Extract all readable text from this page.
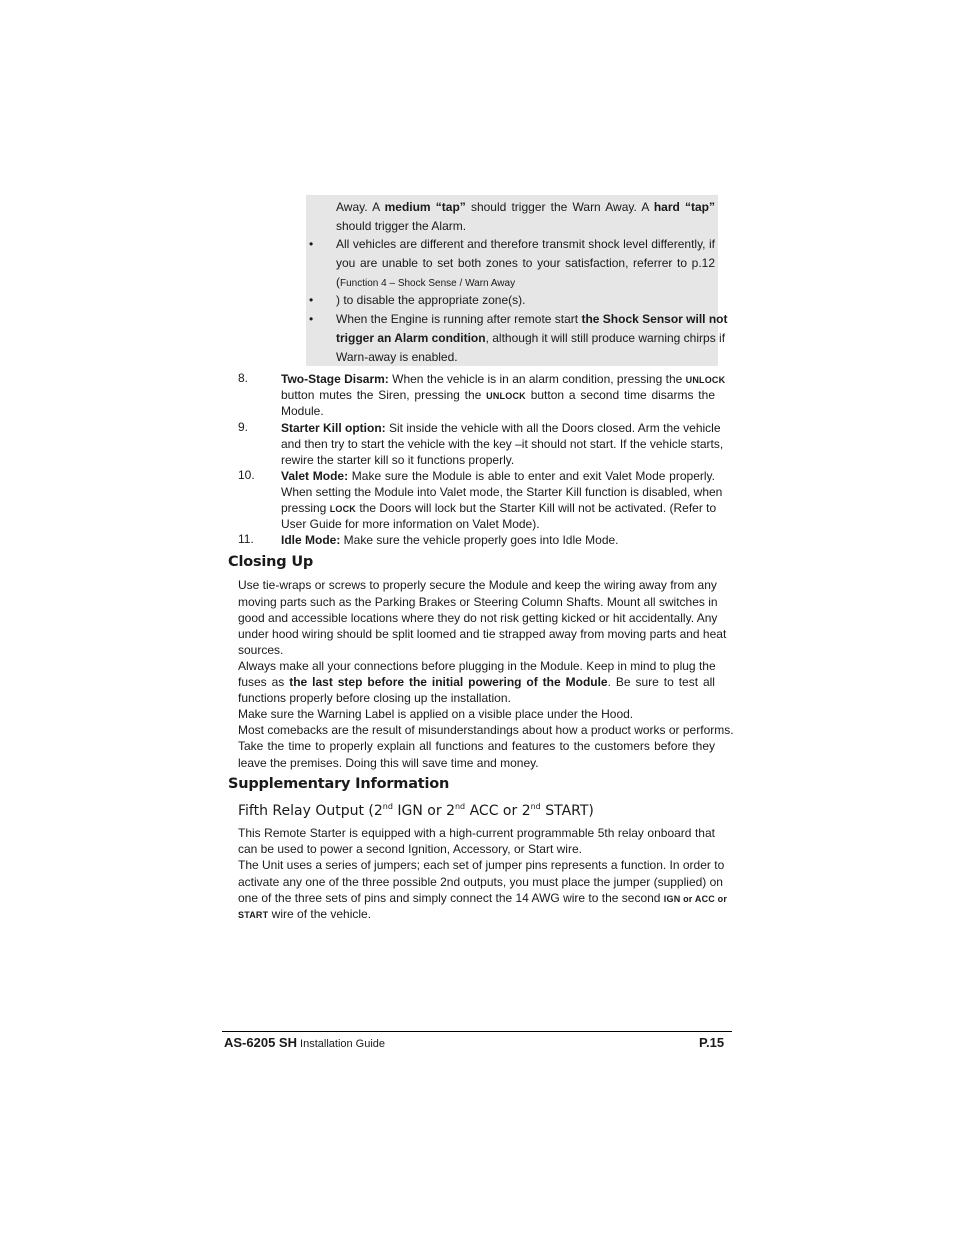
Away. A medium “tap” should trigger the Warn Away. A hard “tap”
should trigger the Alarm.
• All vehicles are different and therefore transmit shock level differently, if
you are unable to set both zones to your satisfaction, referrer to p.12
(Function 4 – Shock Sense / Warn Away
• ) to disable the appropriate zone(s).
• When the Engine is running after remote start the Shock Sensor will not
trigger an Alarm condition, although it will still produce warning chirps if
Warn-away is enabled.
8.	Two-Stage Disarm: When the vehicle is in an alarm condition, pressing the UNLOCK
button mutes the Siren, pressing the UNLOCK button a second time disarms the
Module.
9.	Starter Kill option: Sit inside the vehicle with all the Doors closed. Arm the vehicle
and then try to start the vehicle with the key –it should not start. If the vehicle starts,
rewire the starter kill so it functions properly.
10. Valet Mode: Make sure the Module is able to enter and exit Valet Mode properly.
When setting the Module into Valet mode, the Starter Kill function is disabled, when
pressing LOCK the Doors will lock but the Starter Kill will not be activated. (Refer to
User Guide for more information on Valet Mode).
11. Idle Mode: Make sure the vehicle properly goes into Idle Mode.
Closing Up
Use tie-wraps or screws to properly secure the Module and keep the wiring away from any
moving parts such as the Parking Brakes or Steering Column Shafts. Mount all switches in
good and accessible locations where they do not risk getting kicked or hit accidentally. Any
under hood wiring should be split loomed and tie strapped away from moving parts and heat
sources.
Always make all your connections before plugging in the Module. Keep in mind to plug the
fuses as the last step before the initial powering of the Module. Be sure to test all
functions properly before closing up the installation.
Make sure the Warning Label is applied on a visible place under the Hood.
Most comebacks are the result of misunderstandings about how a product works or performs.
Take the time to properly explain all functions and features to the customers before they
leave the premises. Doing this will save time and money.
Supplementary Information
Fifth Relay Output (2nd IGN or 2nd ACC or 2nd START)
This Remote Starter is equipped with a high-current programmable 5th relay onboard that
can be used to power a second Ignition, Accessory, or Start wire.
The Unit uses a series of jumpers; each set of jumper pins represents a function. In order to
activate any one of the three possible 2nd outputs, you must place the jumper (supplied) on
one of the three sets of pins and simply connect the 14 AWG wire to the second IGN or ACC or
START wire of the vehicle.
AS-6205 SH Installation Guide	P.15
